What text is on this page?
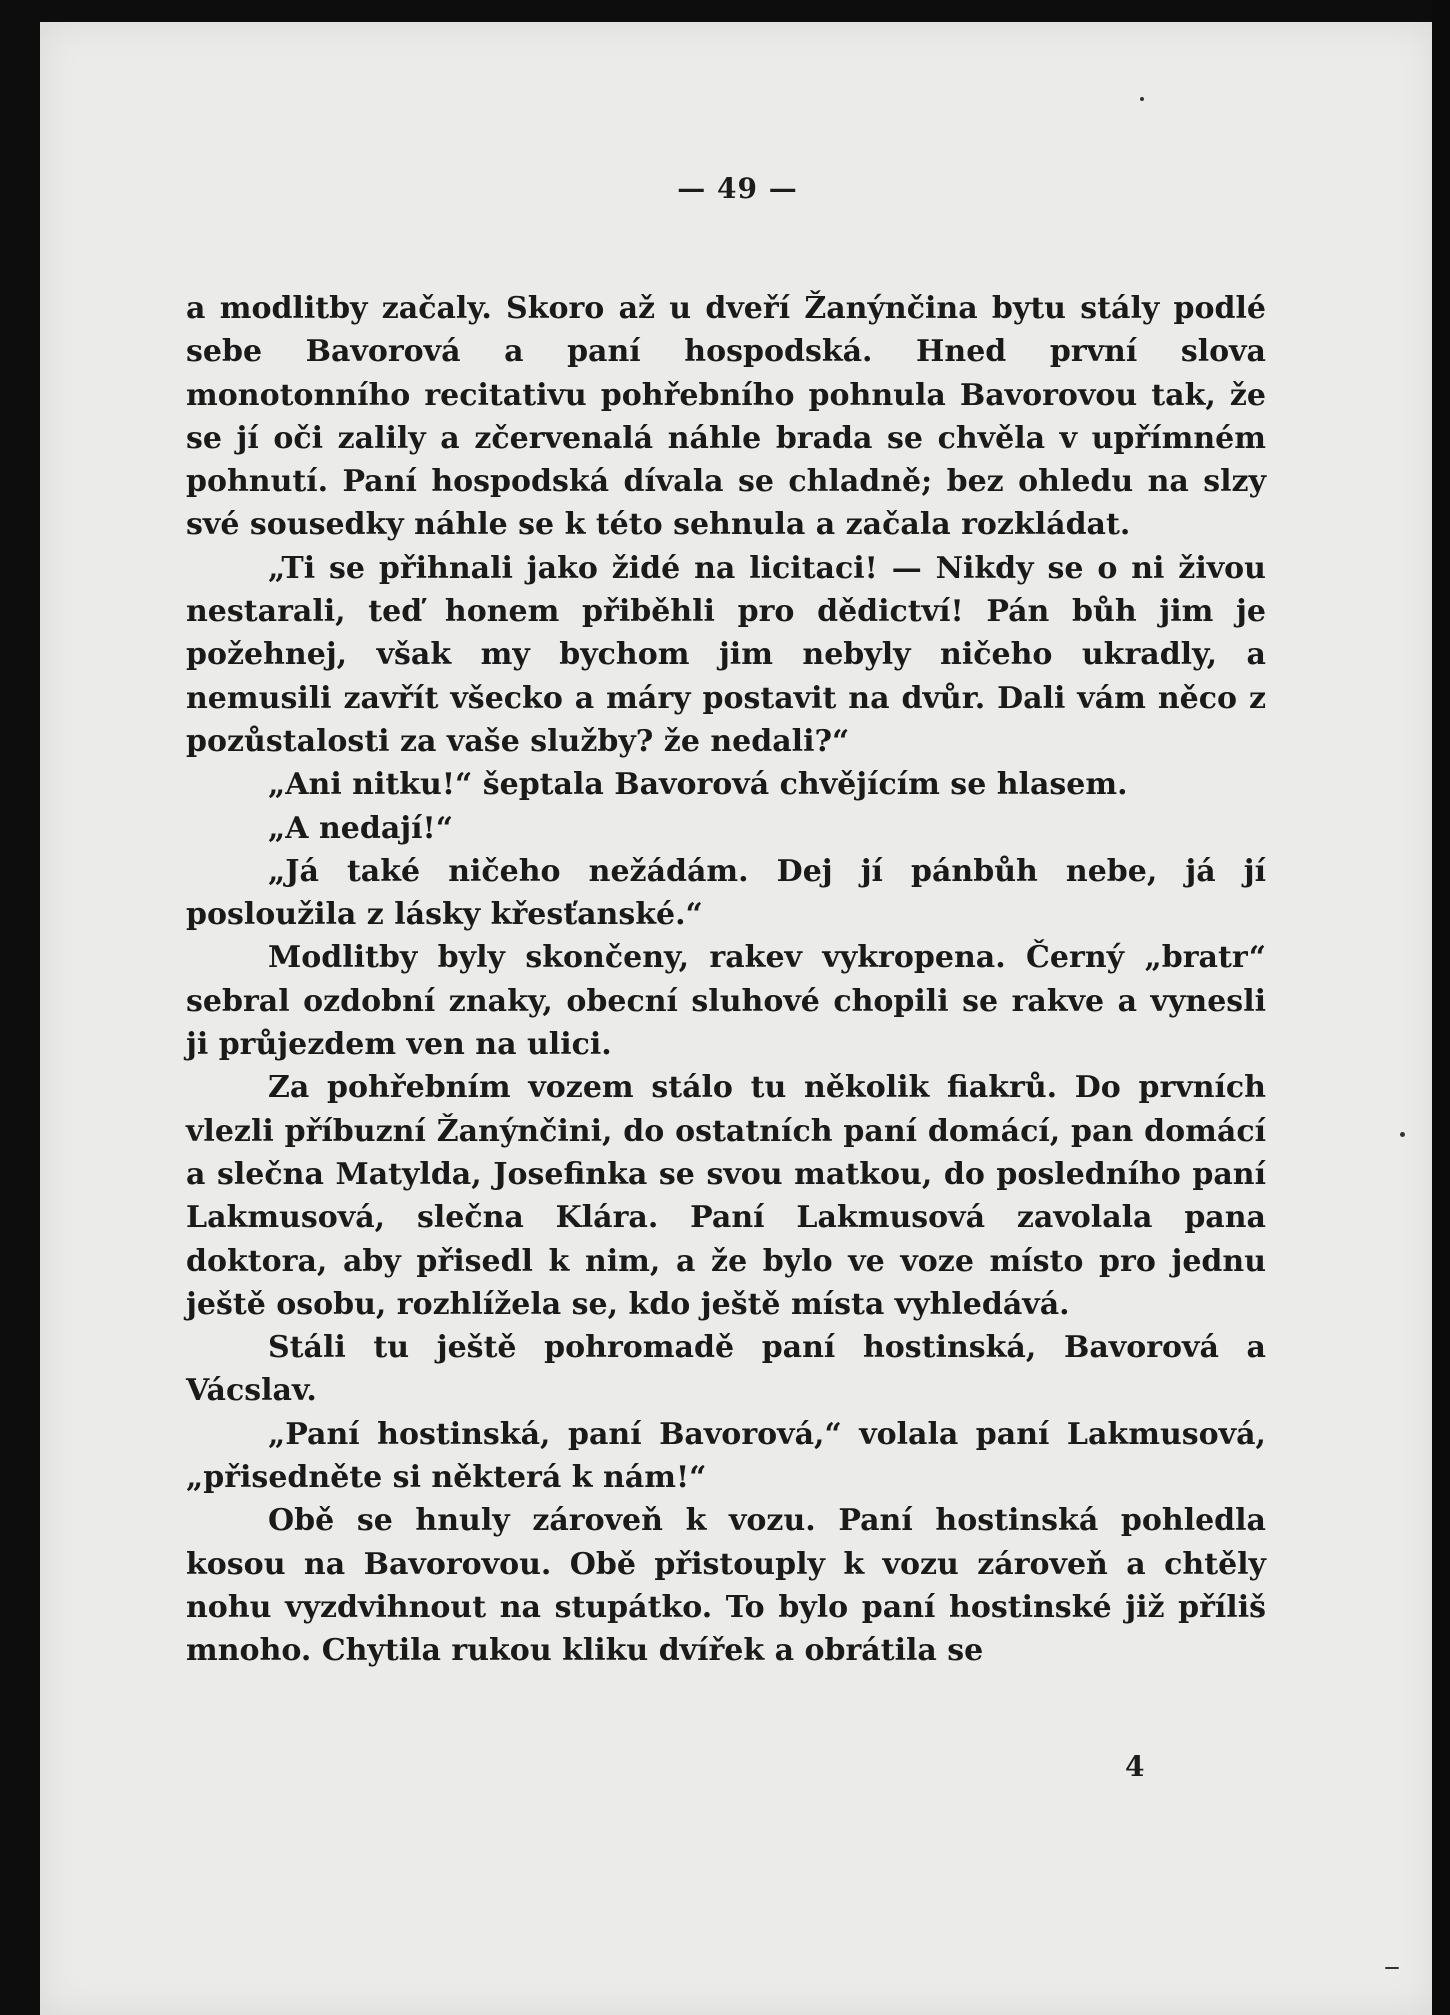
— 49 —

a modlitby začaly. Skoro až u dveří Žanýnčina bytu stály podlé sebe Bavorová a paní hospodská. Hned první slova monotonního recitativu pohřebního pohnula Bavorovou tak, že se jí oči zalily a zčervenalá náhle brada se chvěla v upřímném pohnutí. Paní hospodská dívala se chladně; bez ohledu na slzy své sousedky náhle se k této sehnula a začala rozkládat.

„Ti se přihnali jako židé na licitaci! — Nikdy se o ni živou nestarali, teď honem přiběhli pro dědictví! Pán bůh jim je požehnej, však my bychom jim nebyly ničeho ukradly, a nemusili zavřít všecko a máry postavit na dvůr. Dali vám něco z pozůstalosti za vaše služby? že nedali?“

„Ani nitku!“ šeptala Bavorová chvějícím se hlasem.

„A nedají!“

„Já také ničeho nežádám. Dej jí pánbůh nebe, já jí posloužila z lásky křesťanské.“

Modlitby byly skončeny, rakev vykropena. Černý „bratr“ sebral ozdobní znaky, obecní sluhové chopili se rakve a vynesli ji průjezdem ven na ulici.

Za pohřebním vozem stálo tu několik fiakrů. Do prvních vlezli příbuzní Žanýnčini, do ostatních paní domácí, pan domácí a slečna Matylda, Josefinka se svou matkou, do posledního paní Lakmusová, slečna Klára. Paní Lakmusová zavolala pana doktora, aby přisedl k nim, a že bylo ve voze místo pro jednu ještě osobu, rozhlížela se, kdo ještě místa vyhledává.

Stáli tu ještě pohromadě paní hostinská, Bavorová a Vácslav.

„Paní hostinská, paní Bavorová,“ volala paní Lakmusová, „přisedněte si některá k nám!“

Obě se hnuly zároveň k vozu. Paní hostinská pohledla kosou na Bavorovou. Obě přistouply k vozu zároveň a chtěly nohu vyzdvihnout na stupátko. To bylo paní hostinské již příliš mnoho. Chytila rukou kliku dvířek a obrátila se

4
